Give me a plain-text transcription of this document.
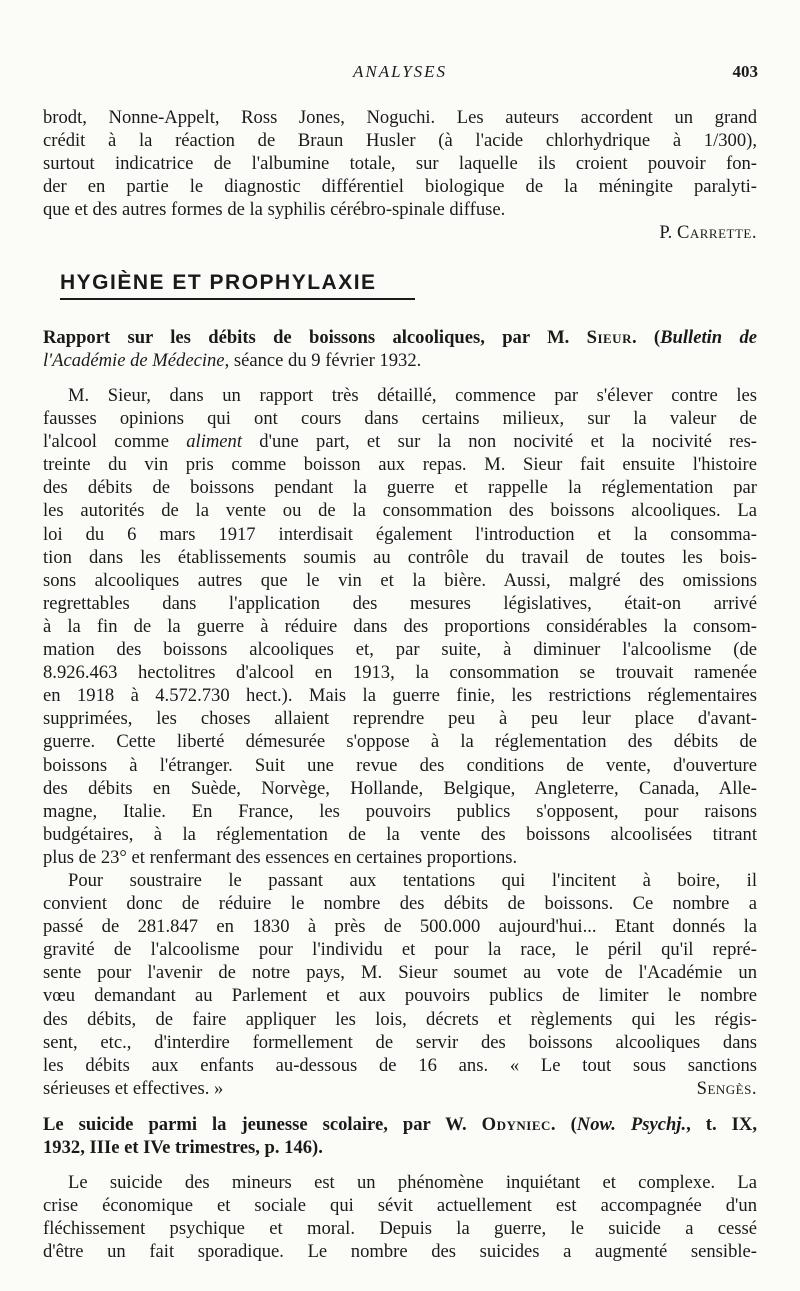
ANALYSES	403
brodt, Nonne-Appelt, Ross Jones, Noguchi. Les auteurs accordent un grand
crédit à la réaction de Braun Husler (à l'acide chlorhydrique à 1/300),
surtout indicatrice de l'albumine totale, sur laquelle ils croient pouvoir fon-
der en partie le diagnostic différentiel biologique de la méningite paralyti-
que et des autres formes de la syphilis cérébro-spinale diffuse.
P. Carrette.
HYGIÈNE ET PROPHYLAXIE
Rapport sur les débits de boissons alcooliques, par M. Sieur. (Bulletin de
l'Académie de Médecine, séance du 9 février 1932.
M. Sieur, dans un rapport très détaillé, commence par s'élever contre les
fausses opinions qui ont cours dans certains milieux, sur la valeur de
l'alcool comme aliment d'une part, et sur la non nocivité et la nocivité res-
treinte du vin pris comme boisson aux repas. M. Sieur fait ensuite l'histoire
des débits de boissons pendant la guerre et rappelle la réglementation par
les autorités de la vente ou de la consommation des boissons alcooliques. La
loi du 6 mars 1917 interdisait également l'introduction et la consomma-
tion dans les établissements soumis au contrôle du travail de toutes les bois-
sons alcooliques autres que le vin et la bière. Aussi, malgré des omissions
regrettables dans l'application des mesures législatives, était-on arrivé
à la fin de la guerre à réduire dans des proportions considérables la consom-
mation des boissons alcooliques et, par suite, à diminuer l'alcoolisme (de
8.926.463 hectolitres d'alcool en 1913, la consommation se trouvait ramenée
en 1918 à 4.572.730 hect.). Mais la guerre finie, les restrictions réglementaires
supprimées, les choses allaient reprendre peu à peu leur place d'avant-
guerre. Cette liberté démesurée s'oppose à la réglementation des débits de
boissons à l'étranger. Suit une revue des conditions de vente, d'ouverture
des débits en Suède, Norvège, Hollande, Belgique, Angleterre, Canada, Alle-
magne, Italie. En France, les pouvoirs publics s'opposent, pour raisons
budgétaires, à la réglementation de la vente des boissons alcoolisées titrant
plus de 23° et renfermant des essences en certaines proportions.
Pour soustraire le passant aux tentations qui l'incitent à boire, il
convient donc de réduire le nombre des débits de boissons. Ce nombre a
passé de 281.847 en 1830 à près de 500.000 aujourd'hui... Etant donnés la
gravité de l'alcoolisme pour l'individu et pour la race, le péril qu'il repré-
sente pour l'avenir de notre pays, M. Sieur soumet au vote de l'Académie un
vœu demandant au Parlement et aux pouvoirs publics de limiter le nombre
des débits, de faire appliquer les lois, décrets et règlements qui les régis-
sent, etc., d'interdire formellement de servir des boissons alcooliques dans
les débits aux enfants au-dessous de 16 ans. « Le tout sous sanctions
sérieuses et effectives. »	Sengès.
Le suicide parmi la jeunesse scolaire, par W. Odyniec. (Now. Psychj., t. IX,
1932, IIIe et IVe trimestres, p. 146).
Le suicide des mineurs est un phénomène inquiétant et complexe. La
crise économique et sociale qui sévit actuellement est accompagnée d'un
fléchissement psychique et moral. Depuis la guerre, le suicide a cessé
d'être un fait sporadique. Le nombre des suicides a augmenté sensible-
